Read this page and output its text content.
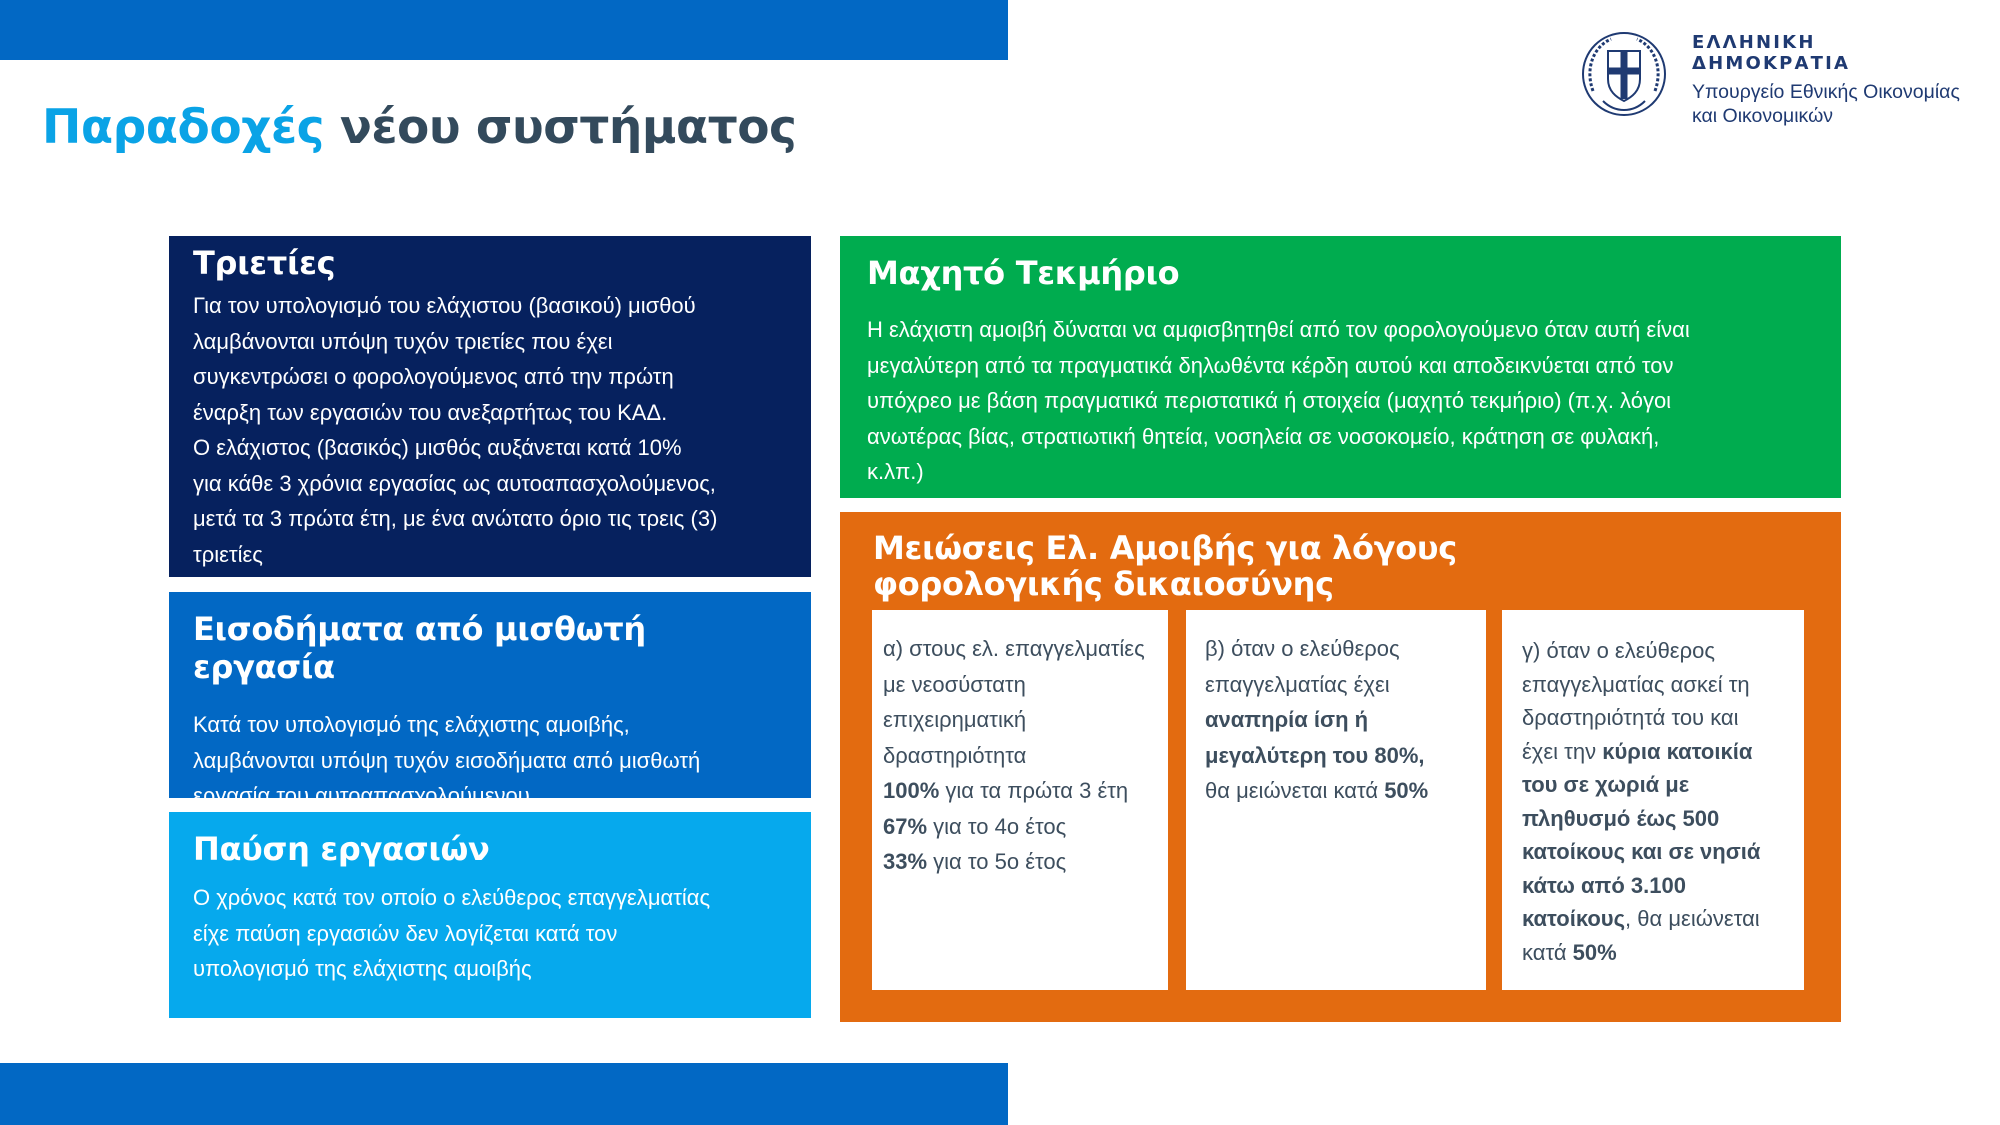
ΕΛΛΗΝΙΚΗ ΔΗΜΟΚΡΑΤΙΑ
Υπουργείο Εθνικής Οικονομίας
και Οικονομικών
Παραδοχές νέου συστήματος
Τριετίες

Για τον υπολογισμό του ελάχιστου (βασικού) μισθού
λαμβάνονται υπόψη τυχόν τριετίες που έχει
συγκεντρώσει ο φορολογούμενος από την πρώτη
έναρξη των εργασιών του ανεξαρτήτως του ΚΑΔ.
Ο ελάχιστος (βασικός) μισθός αυξάνεται κατά 10%
για κάθε 3 χρόνια εργασίας ως αυτοαπασχολούμενος,
μετά τα 3 πρώτα έτη, με ένα ανώτατο όριο τις τρεις (3)
τριετίες

Εισοδήματα από μισθωτή εργασία

Κατά τον υπολογισμό της ελάχιστης αμοιβής,
λαμβάνονται υπόψη τυχόν εισοδήματα από μισθωτή
εργασία του αυτοαπασχολούμενου

Παύση εργασιών

Ο χρόνος κατά τον οποίο ο ελεύθερος επαγγελματίας
είχε παύση εργασιών δεν λογίζεται κατά τον
υπολογισμό της ελάχιστης αμοιβής

Μαχητό Τεκμήριο

Η ελάχιστη αμοιβή δύναται να αμφισβητηθεί από τον φορολογούμενο όταν αυτή είναι
μεγαλύτερη από τα πραγματικά δηλωθέντα κέρδη αυτού και αποδεικνύεται από τον
υπόχρεο με βάση πραγματικά περιστατικά ή στοιχεία (μαχητό τεκμήριο) (π.χ. λόγοι
ανωτέρας βίας, στρατιωτική θητεία, νοσηλεία σε νοσοκομείο, κράτηση σε φυλακή,
κ.λπ.)

Μειώσεις Ελ. Αμοιβής για λόγους
φορολογικής δικαιοσύνης
α) στους ελ. επαγγελματίες
με νεοσύστατη
επιχειρηματική
δραστηριότητα
100% για τα πρώτα 3 έτη
67% για το 4ο έτος
33% για το 5ο έτος
β) όταν ο ελεύθερος
επαγγελματίας έχει
αναπηρία ίση ή
μεγαλύτερη του 80%,
θα μειώνεται κατά 50%
γ) όταν ο ελεύθερος
επαγγελματίας ασκεί τη
δραστηριότητά του και
έχει την κύρια κατοικία
του σε χωριά με
πληθυσμό έως 500
κατοίκους και σε νησιά
κάτω από 3.100
κατοίκους, θα μειώνεται
κατά 50%
